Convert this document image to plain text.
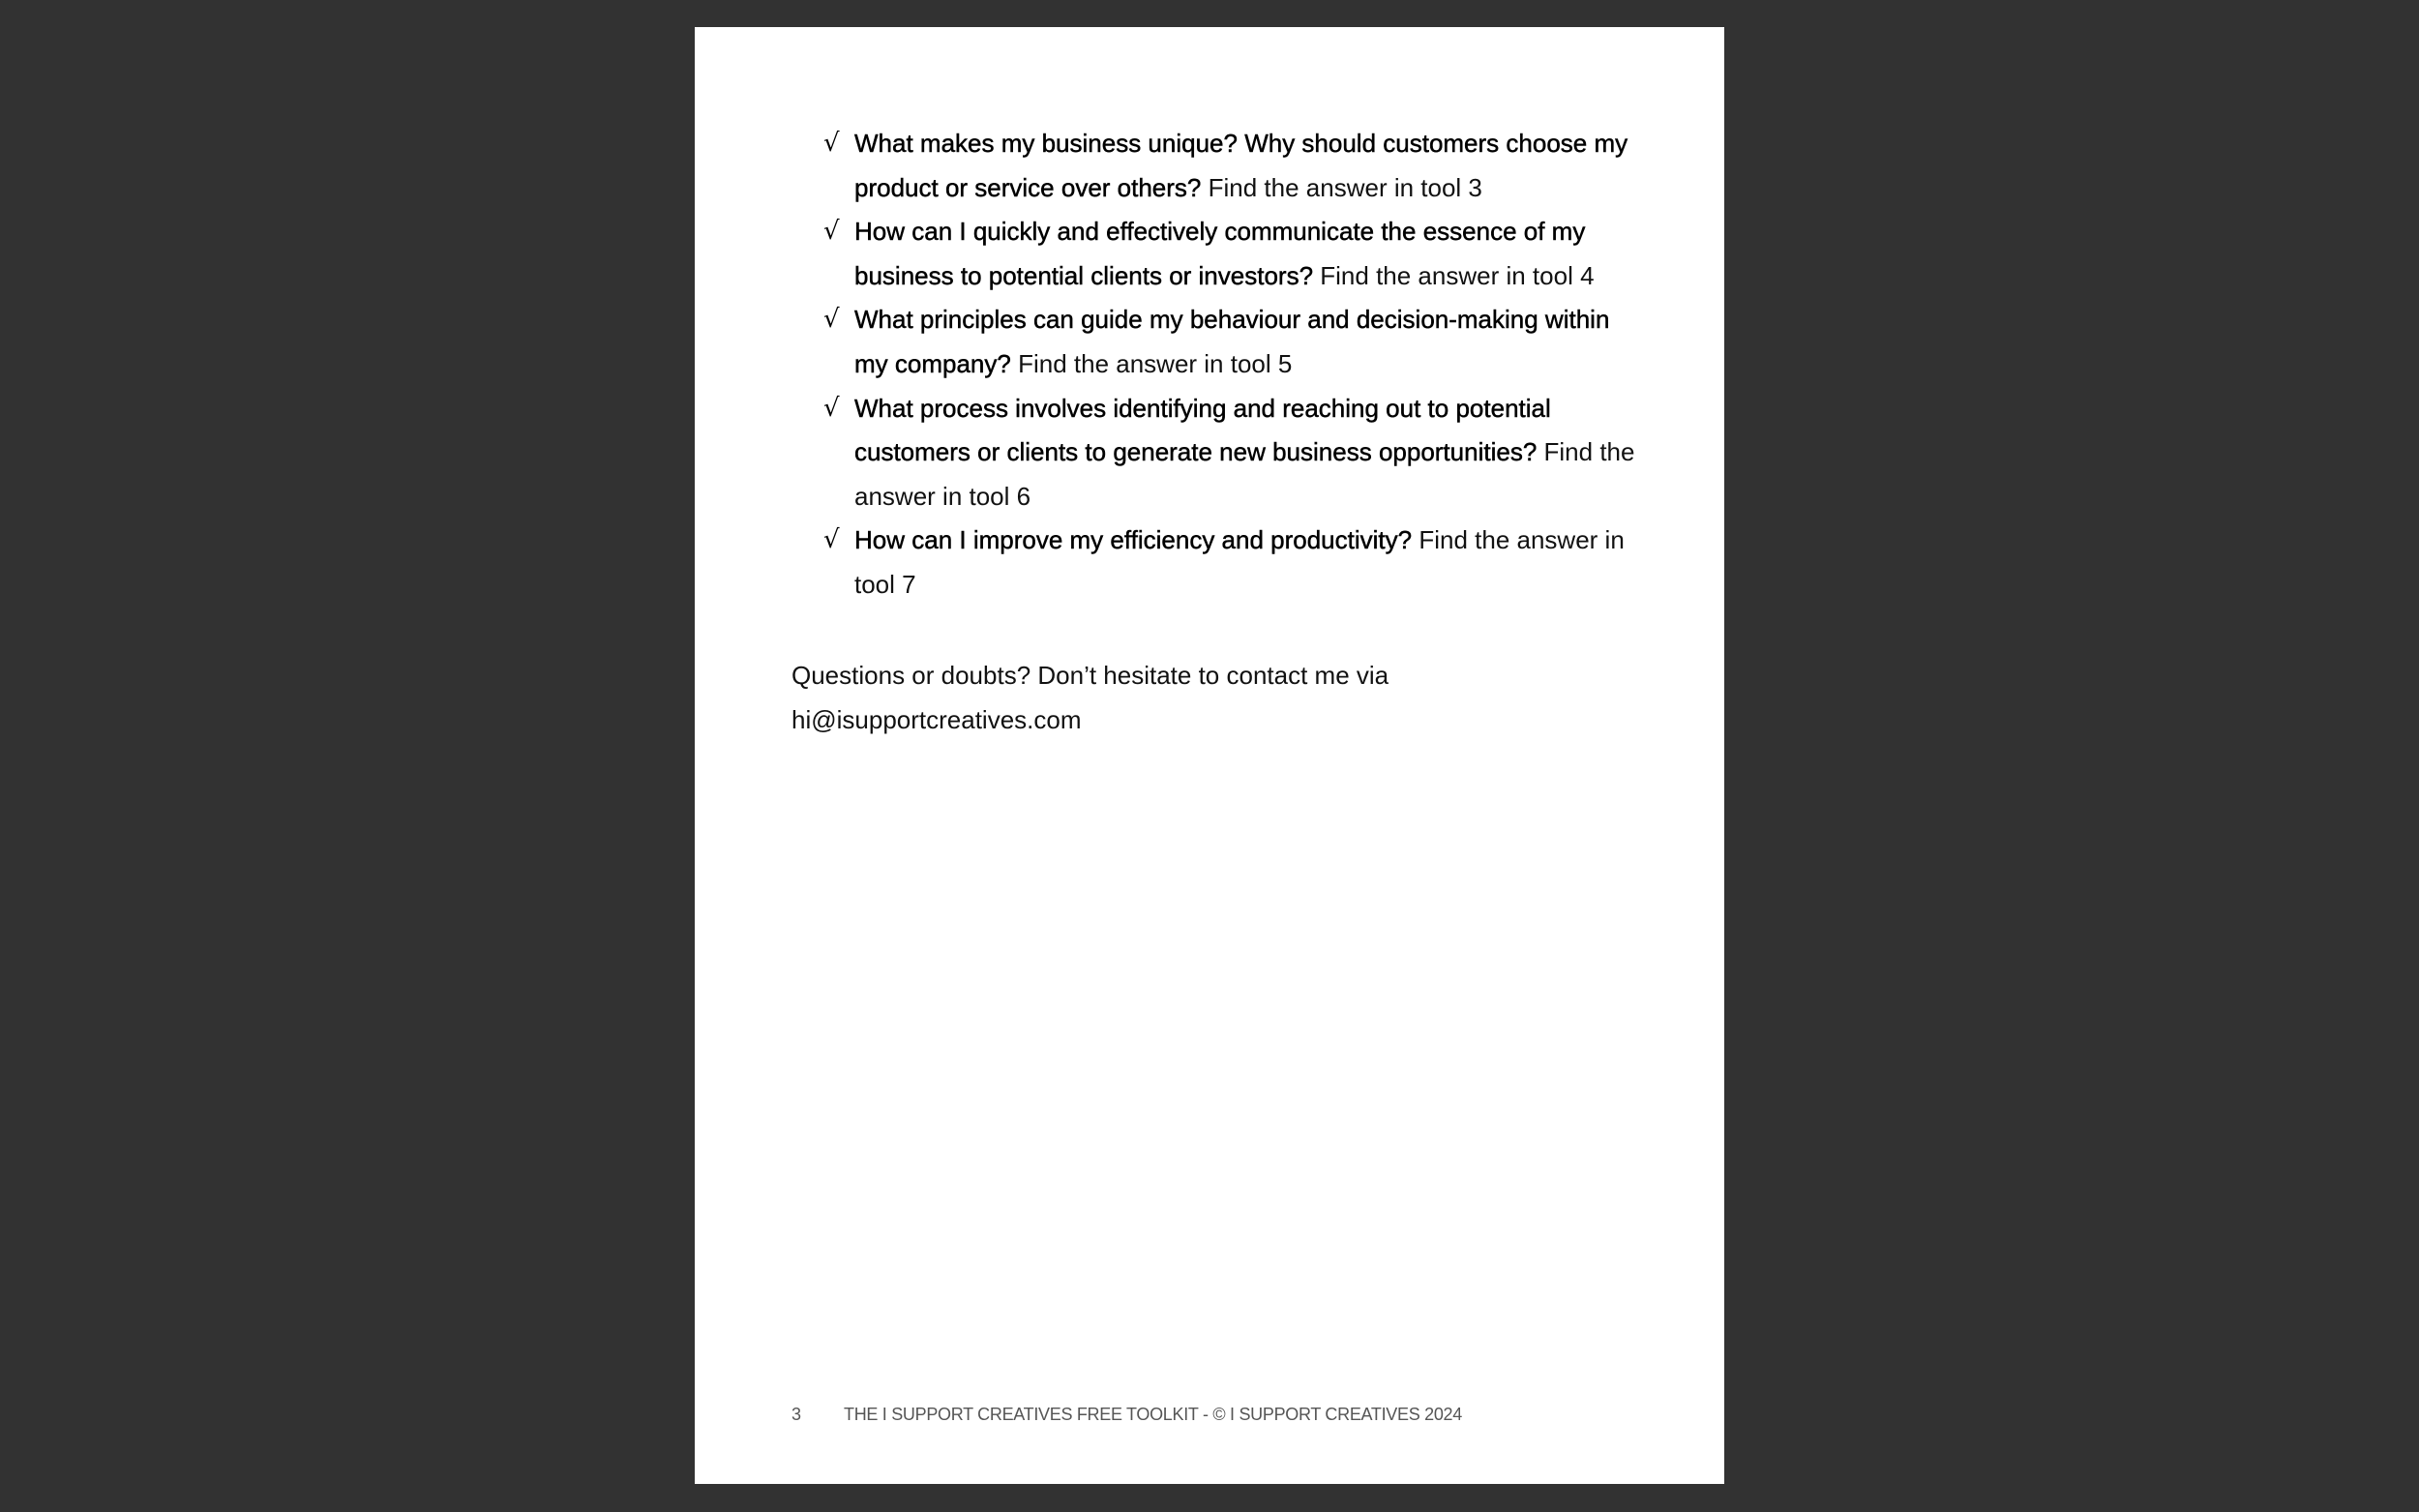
√ What makes my business unique? Why should customers choose my product or service over others? Find the answer in tool 3
√ How can I quickly and effectively communicate the essence of my business to potential clients or investors? Find the answer in tool 4
√ What principles can guide my behaviour and decision-making within my company? Find the answer in tool 5
√ What process involves identifying and reaching out to potential customers or clients to generate new business opportunities? Find the answer in tool 6
√ How can I improve my efficiency and productivity? Find the answer in tool 7

Questions or doubts? Don’t hesitate to contact me via hi@isupportcreatives.com

3 THE I SUPPORT CREATIVES FREE TOOLKIT - © I SUPPORT CREATIVES 2024
